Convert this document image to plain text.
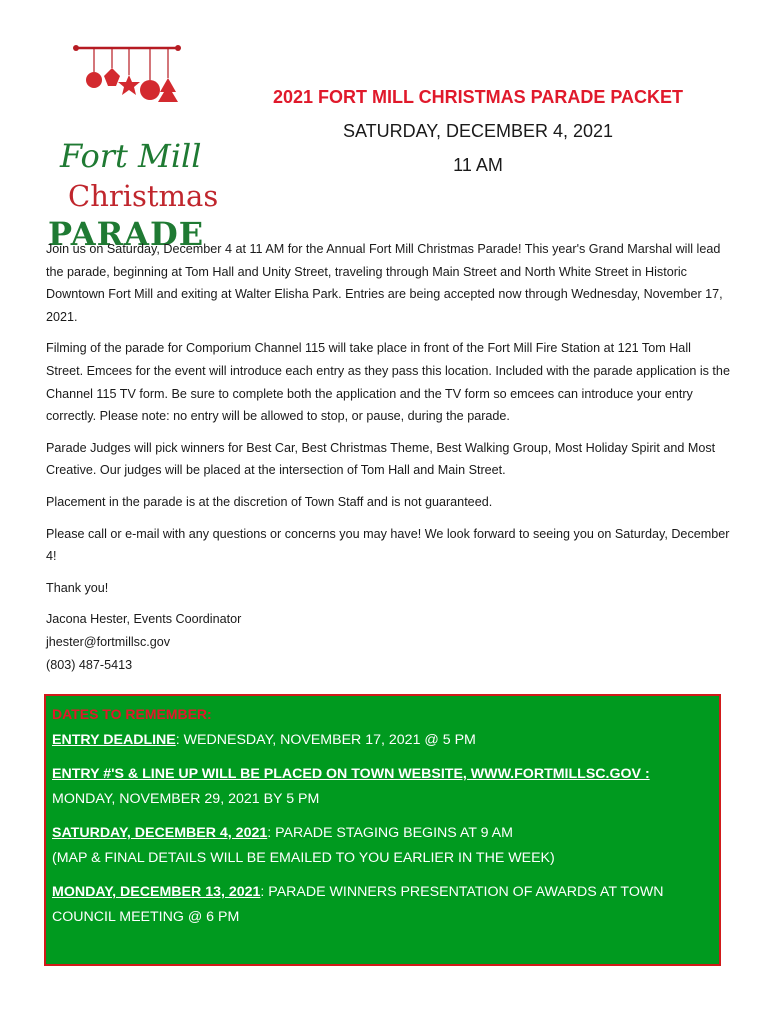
Fort Mill
Christmas
PARADE
2021 FORT MILL CHRISTMAS PARADE PACKET
SATURDAY, DECEMBER 4, 2021
11 AM

Join us on Saturday, December 4 at 11 AM for the Annual Fort Mill Christmas Parade! This year's Grand Marshal will lead the parade, beginning at Tom Hall and Unity Street, traveling through Main Street and North White Street in Historic Downtown Fort Mill and exiting at Walter Elisha Park. Entries are being accepted now through Wednesday, November 17, 2021.

Filming of the parade for Comporium Channel 115 will take place in front of the Fort Mill Fire Station at 121 Tom Hall Street. Emcees for the event will introduce each entry as they pass this location. Included with the parade application is the Channel 115 TV form. Be sure to complete both the application and the TV form so emcees can introduce your entry correctly. Please note: no entry will be allowed to stop, or pause, during the parade.

Parade Judges will pick winners for Best Car, Best Christmas Theme, Best Walking Group, Most Holiday Spirit and Most Creative. Our judges will be placed at the intersection of Tom Hall and Main Street.

Placement in the parade is at the discretion of Town Staff and is not guaranteed.

Please call or e-mail with any questions or concerns you may have! We look forward to seeing you on Saturday, December 4!

Thank you!

Jacona Hester, Events Coordinator

jhester@fortmillsc.gov

(803) 487-5413

DATES TO REMEMBER:
ENTRY DEADLINE: WEDNESDAY, NOVEMBER 17, 2021 @ 5 PM
ENTRY #'S & LINE UP WILL BE PLACED ON TOWN WEBSITE, WWW.FORTMILLSC.GOV :
MONDAY, NOVEMBER 29, 2021 BY 5 PM
SATURDAY, DECEMBER 4, 2021: PARADE STAGING BEGINS AT 9 AM
(MAP & FINAL DETAILS WILL BE EMAILED TO YOU EARLIER IN THE WEEK)
MONDAY, DECEMBER 13, 2021: PARADE WINNERS PRESENTATION OF AWARDS AT TOWN COUNCIL MEETING @ 6 PM
